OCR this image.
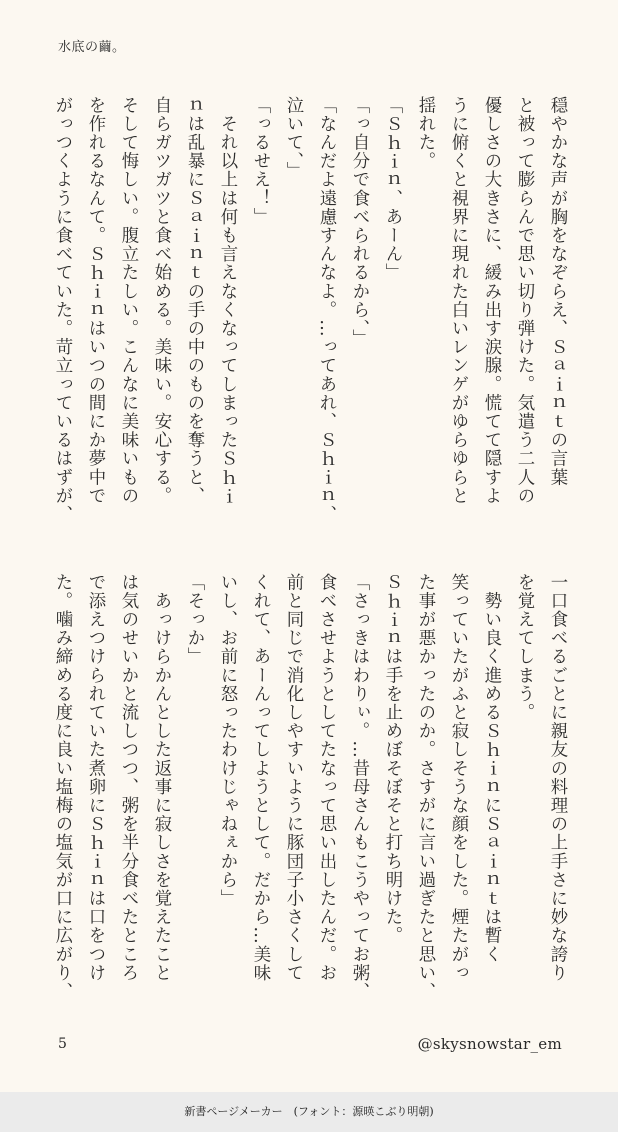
水底の繭。
穏やかな声が胸をなぞらえ、Ｓａｉｎｔの言葉
と被って膨らんで思い切り弾けた。気遣う二人の
優しさの大きさに、緩み出す涙腺。慌てて隠すよ
うに俯くと視界に現れた白いレンゲがゆらゆらと
揺れた。
「Ｓｈｉｎ、あーん」
「っ自分で食べられるから、」
「なんだよ遠慮すんなよ。…ってあれ、Ｓｈｉｎ、
泣いて、」
「っるせえ！」
　それ以上は何も言えなくなってしまったＳｈｉ
ｎは乱暴にＳａｉｎｔの手の中のものを奪うと、
自らガツガツと食べ始める。美味い。安心する。
そして悔しい。腹立たしい。こんなに美味いもの
を作れるなんて。Ｓｈｉｎはいつの間にか夢中で
がっつくように食べていた。苛立っているはずが、
一口食べるごとに親友の料理の上手さに妙な誇り
を覚えてしまう。
　勢い良く進めるＳｈｉｎにＳａｉｎｔは暫く
笑っていたがふと寂しそうな顔をした。煙たがっ
た事が悪かったのか。さすがに言い過ぎたと思い、
Ｓｈｉｎは手を止めぼそぼそと打ち明けた。
「さっきはわりぃ。…昔母さんもこうやってお粥、
食べさせようとしてたなって思い出したんだ。お
前と同じで消化しやすいように豚団子小さくして
くれて、あーんってしようとして。だから…美味
いし、お前に怒ったわけじゃねぇから」
「そっか」
　あっけらかんとした返事に寂しさを覚えたこと
は気のせいかと流しつつ、粥を半分食べたところ
で添えつけられていた煮卵にＳｈｉｎは口をつけ
た。噛み締める度に良い塩梅の塩気が口に広がり、
5	@skysnowstar_em
新書ページメーカー　(フォント：源暎こぶり明朝)
